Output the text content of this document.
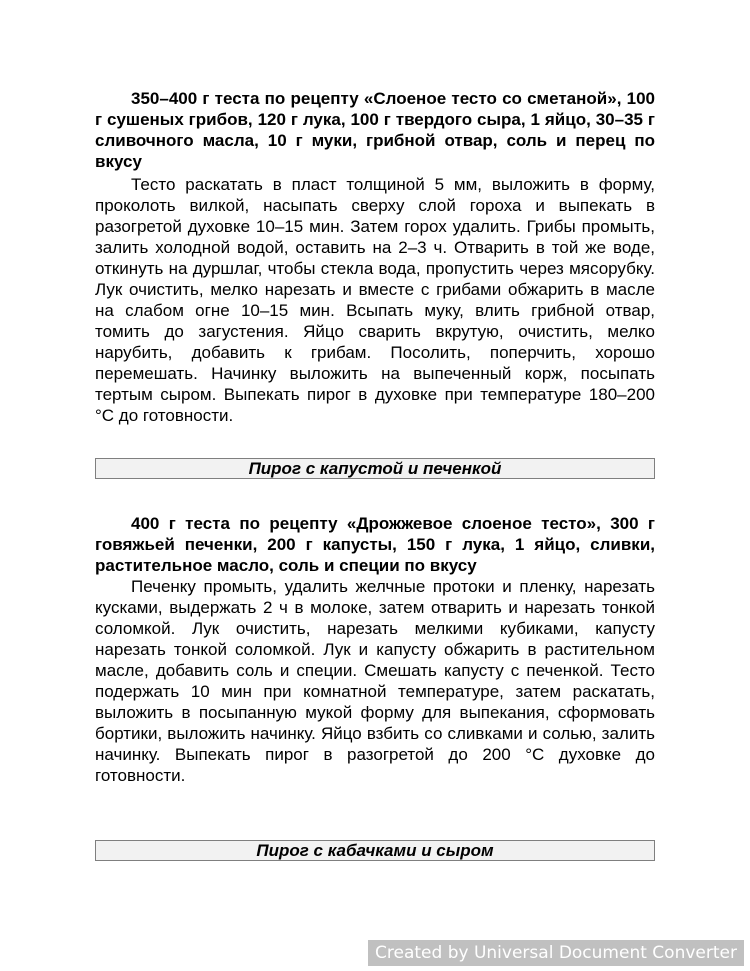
350–400 г теста по рецепту «Слоеное тесто со сметаной», 100 г сушеных грибов, 120 г лука, 100 г твердого сыра, 1 яйцо, 30–35 г сливочного масла, 10 г муки, грибной отвар, соль и перец по вкусу

Тесто раскатать в пласт толщиной 5 мм, выложить в форму, проколоть вилкой, насыпать сверху слой гороха и выпекать в разогретой духовке 10–15 мин. Затем горох удалить. Грибы промыть, залить холодной водой, оставить на 2–3 ч. Отварить в той же воде, откинуть на дуршлаг, чтобы стекла вода, пропустить через мясорубку. Лук очистить, мелко нарезать и вместе с грибами обжарить в масле на слабом огне 10–15 мин. Всыпать муку, влить грибной отвар, томить до загустения. Яйцо сварить вкрутую, очистить, мелко нарубить, добавить к грибам. Посолить, поперчить, хорошо перемешать. Начинку выложить на выпеченный корж, посыпать тертым сыром. Выпекать пирог в духовке при температуре 180–200 °С до готовности.

Пирог с капустой и печенкой

400 г теста по рецепту «Дрожжевое слоеное тесто», 300 г говяжьей печенки, 200 г капусты, 150 г лука, 1 яйцо, сливки, растительное масло, соль и специи по вкусу

Печенку промыть, удалить желчные протоки и пленку, нарезать кусками, выдержать 2 ч в молоке, затем отварить и нарезать тонкой соломкой. Лук очистить, нарезать мелкими кубиками, капусту нарезать тонкой соломкой. Лук и капусту обжарить в растительном масле, добавить соль и специи. Смешать капусту с печенкой. Тесто подержать 10 мин при комнатной температуре, затем раскатать, выложить в посыпанную мукой форму для выпекания, сформовать бортики, выложить начинку. Яйцо взбить со сливками и солью, залить начинку. Выпекать пирог в разогретой до 200 °С духовке до готовности.

Пирог с кабачками и сыром
Created by Universal Document Converter
